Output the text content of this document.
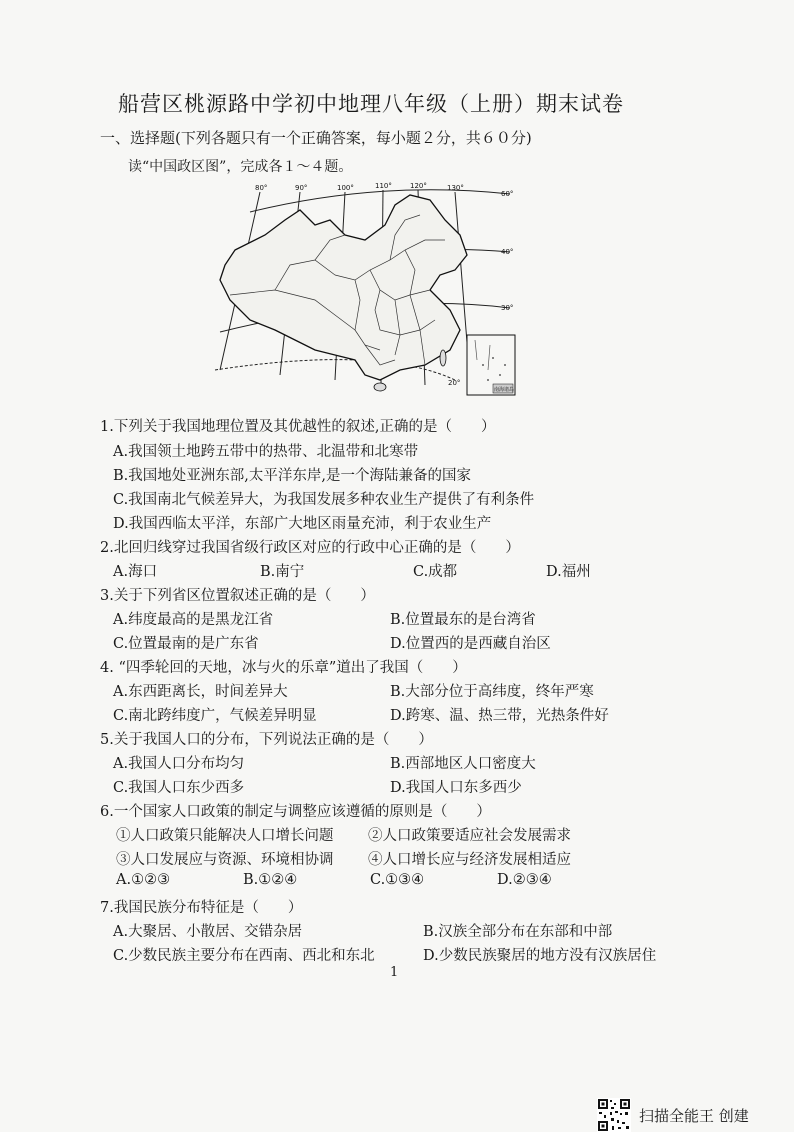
船营区桃源路中学初中地理八年级（上册）期末试卷
一、选择题(下列各题只有一个正确答案，每小题２分，共６０分)
读“中国政区图”，完成各１～４题。
80°	90°	100°	110°	120°	130°
60°
40°
30°
20°
南海诸岛
1.下列关于我国地理位置及其优越性的叙述,正确的是（　　）
A.我国领土地跨五带中的热带、北温带和北寒带
B.我国地处亚洲东部,太平洋东岸,是一个海陆兼备的国家
C.我国南北气候差异大，为我国发展多种农业生产提供了有利条件
D.我国西临太平洋，东部广大地区雨量充沛，利于农业生产
2.北回归线穿过我国省级行政区对应的行政中心正确的是（　　）
A.海口	B.南宁	C.成都	D.福州
3.关于下列省区位置叙述正确的是（　　）
A.纬度最高的是黑龙江省	B.位置最东的是台湾省
C.位置最南的是广东省	D.位置西的是西藏自治区
4. “四季轮回的天地，冰与火的乐章”道出了我国（　　）
A.东西距离长，时间差异大	B.大部分位于高纬度，终年严寒
C.南北跨纬度广，气候差异明显	D.跨寒、温、热三带，光热条件好
5.关于我国人口的分布，下列说法正确的是（　　）
A.我国人口分布均匀	B.西部地区人口密度大
C.我国人口东少西多	D.我国人口东多西少
6.一个国家人口政策的制定与调整应该遵循的原则是（　　）
①人口政策只能解决人口增长问题 ②人口政策要适应社会发展需求
③人口发展应与资源、环境相协调 ④人口增长应与经济发展相适应
A.①②③	B.①②④	C.①③④	D.②③④
7.我国民族分布特征是（　　）
A.大聚居、小散居、交错杂居	B.汉族全部分布在东部和中部
C.少数民族主要分布在西南、西北和东北	D.少数民族聚居的地方没有汉族居住
1
扫描全能王 创建
